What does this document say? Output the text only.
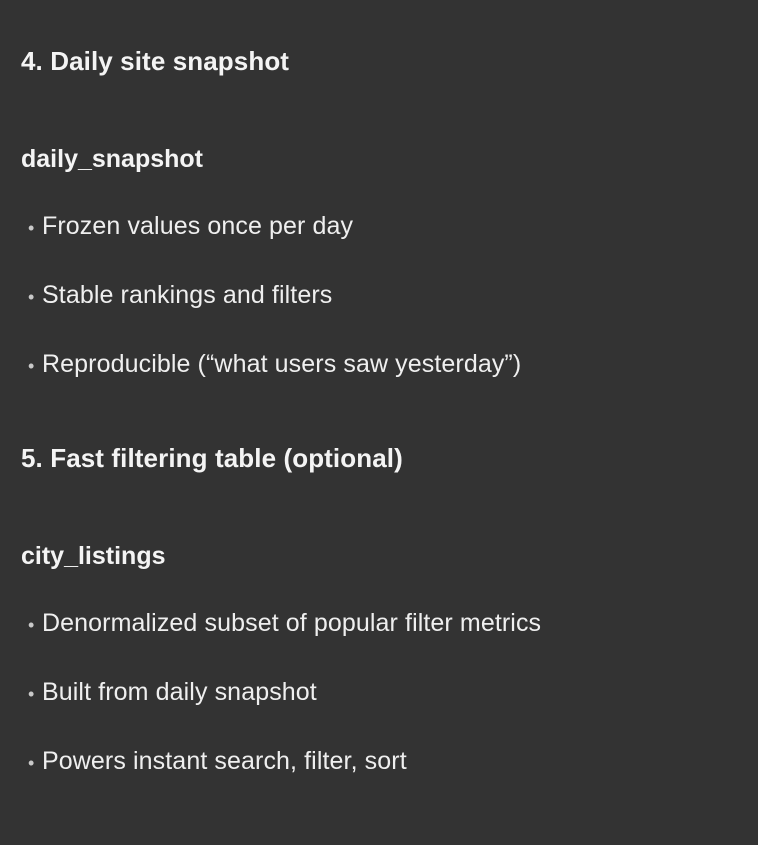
4. Daily site snapshot
daily_snapshot
• Frozen values once per day
• Stable rankings and filters
• Reproducible (“what users saw yesterday”)
5. Fast filtering table (optional)
city_listings
• Denormalized subset of popular filter metrics
• Built from daily snapshot
• Powers instant search, filter, sort
